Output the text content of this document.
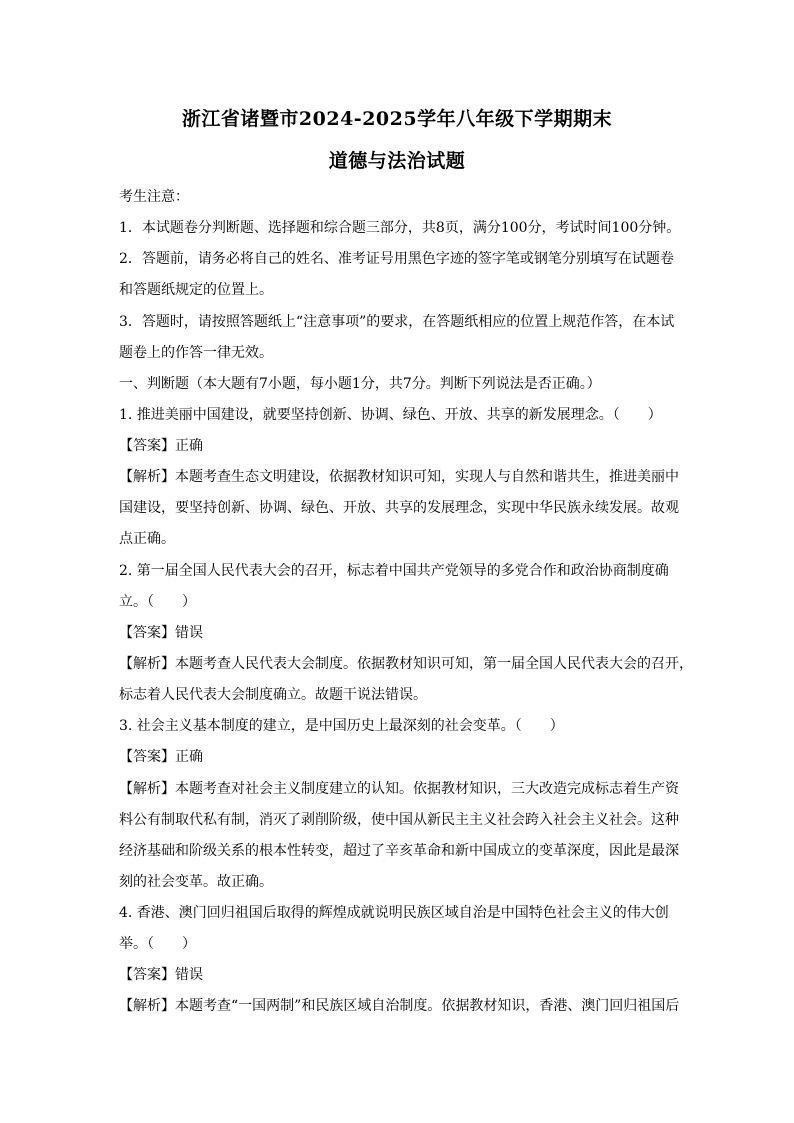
浙江省诸暨市2024-2025学年八年级下学期期末
道德与法治试题
考生注意：
1．本试题卷分判断题、选择题和综合题三部分，共8页，满分100分，考试时间100分钟。
2．答题前，请务必将自己的姓名、准考证号用黑色字迹的签字笔或钢笔分别填写在试题卷
和答题纸规定的位置上。
3．答题时，请按照答题纸上“注意事项”的要求，在答题纸相应的位置上规范作答，在本试
题卷上的作答一律无效。
一、判断题（本大题有7小题，每小题1分，共7分。判断下列说法是否正确。）
1. 推进美丽中国建设，就要坚持创新、协调、绿色、开放、共享的新发展理念。（　　）
【答案】正确
【解析】本题考查生态文明建设，依据教材知识可知，实现人与自然和谐共生，推进美丽中
国建设，要坚持创新、协调、绿色、开放、共享的发展理念，实现中华民族永续发展。故观
点正确。
2. 第一届全国人民代表大会的召开，标志着中国共产党领导的多党合作和政治协商制度确
立。（　　）
【答案】错误
【解析】本题考查人民代表大会制度。依据教材知识可知，第一届全国人民代表大会的召开，
标志着人民代表大会制度确立。故题干说法错误。
3. 社会主义基本制度的建立，是中国历史上最深刻的社会变革。（　　）
【答案】正确
【解析】本题考查对社会主义制度建立的认知。依据教材知识，三大改造完成标志着生产资
料公有制取代私有制，消灭了剥削阶级，使中国从新民主主义社会跨入社会主义社会。这种
经济基础和阶级关系的根本性转变，超过了辛亥革命和新中国成立的变革深度，因此是最深
刻的社会变革。故正确。
4. 香港、澳门回归祖国后取得的辉煌成就说明民族区域自治是中国特色社会主义的伟大创
举。（　　）
【答案】错误
【解析】本题考查“一国两制”和民族区域自治制度。依据教材知识，香港、澳门回归祖国后
